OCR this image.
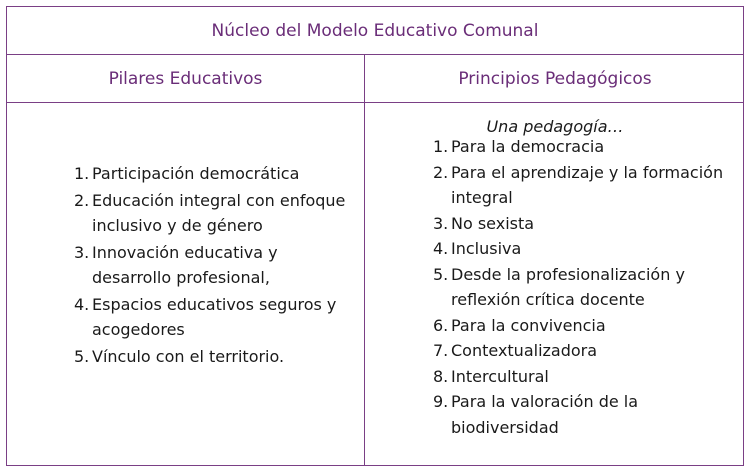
Núcleo del Modelo Educativo Comunal
Pilares Educativos	Principios Pedagógicos
Una pedagogía…
1. Participación democrática
2. Educación integral con enfoque inclusivo y de género
3. Innovación educativa y desarrollo profesional,
4. Espacios educativos seguros y acogedores
5. Vínculo con el territorio.
1. Para la democracia
2. Para el aprendizaje y la formación integral
3. No sexista
4. Inclusiva
5. Desde la profesionalización y reflexión crítica docente
6. Para la convivencia
7. Contextualizadora
8. Intercultural
9. Para la valoración de la biodiversidad
